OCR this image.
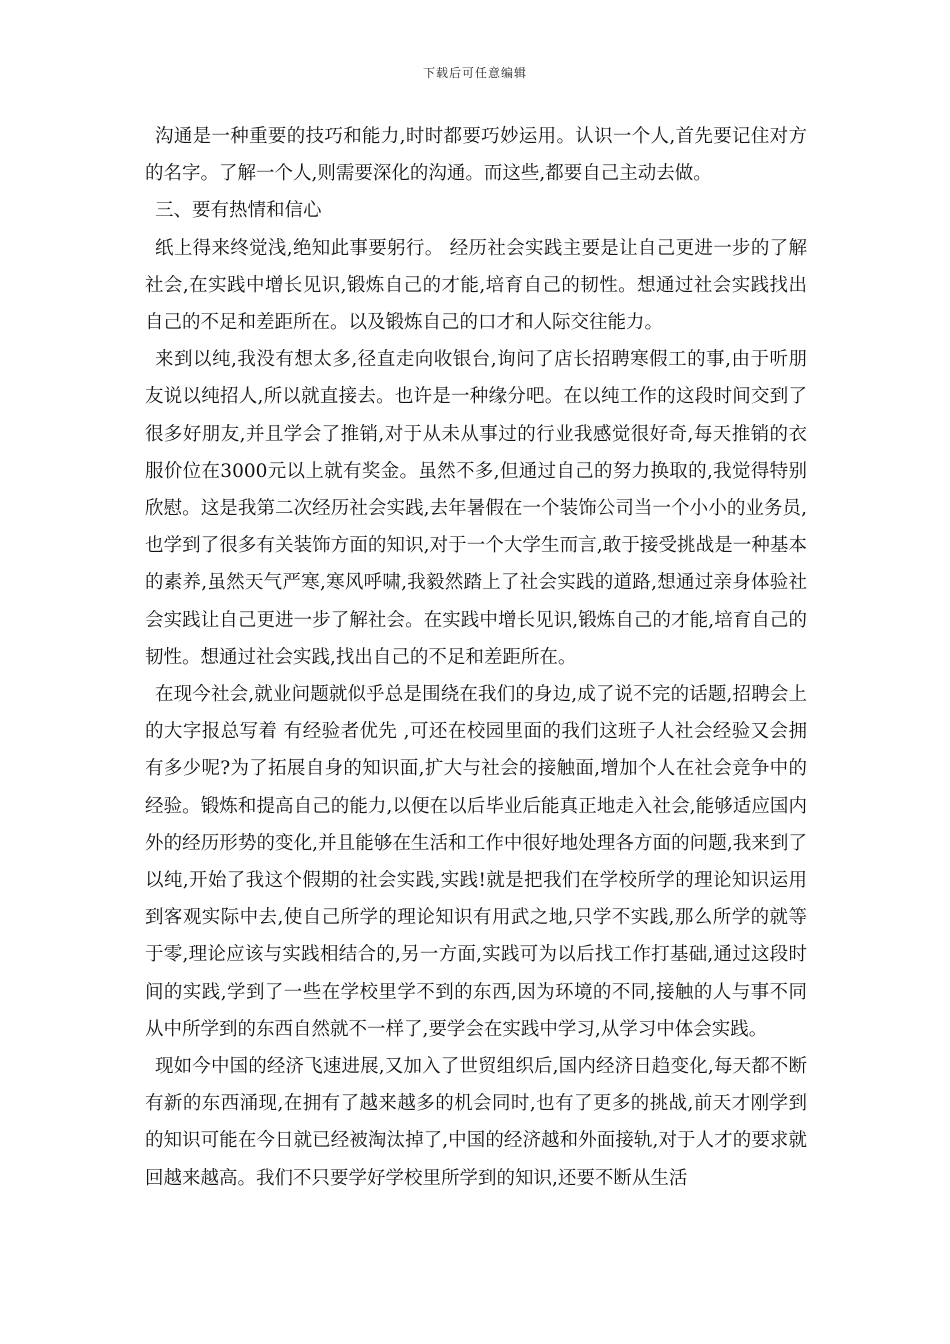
下载后可任意编辑

沟通是一种重要的技巧和能力,时时都要巧妙运用。认识一个人,首先要记住对方的名字。了解一个人,则需要深化的沟通。而这些,都要自己主动去做。

三、要有热情和信心

纸上得来终觉浅,绝知此事要躬行。 经历社会实践主要是让自己更进一步的了解社会,在实践中增长见识,锻炼自己的才能,培育自己的韧性。想通过社会实践找出自己的不足和差距所在。以及锻炼自己的口才和人际交往能力。

来到以纯,我没有想太多,径直走向收银台,询问了店长招聘寒假工的事,由于听朋友说以纯招人,所以就直接去。也许是一种缘分吧。在以纯工作的这段时间交到了很多好朋友,并且学会了推销,对于从未从事过的行业我感觉很好奇,每天推销的衣服价位在3000元以上就有奖金。虽然不多,但通过自己的努力换取的,我觉得特别欣慰。这是我第二次经历社会实践,去年暑假在一个装饰公司当一个小小的业务员,也学到了很多有关装饰方面的知识,对于一个大学生而言,敢于接受挑战是一种基本的素养,虽然天气严寒,寒风呼啸,我毅然踏上了社会实践的道路,想通过亲身体验社会实践让自己更进一步了解社会。在实践中增长见识,锻炼自己的才能,培育自己的韧性。想通过社会实践,找出自己的不足和差距所在。

在现今社会,就业问题就似乎总是围绕在我们的身边,成了说不完的话题,招聘会上的大字报总写着 有经验者优先 ,可还在校园里面的我们这班子人社会经验又会拥有多少呢?为了拓展自身的知识面,扩大与社会的接触面,增加个人在社会竞争中的经验。锻炼和提高自己的能力,以便在以后毕业后能真正地走入社会,能够适应国内外的经历形势的变化,并且能够在生活和工作中很好地处理各方面的问题,我来到了以纯,开始了我这个假期的社会实践,实践!就是把我们在学校所学的理论知识运用到客观实际中去,使自己所学的理论知识有用武之地,只学不实践,那么所学的就等于零,理论应该与实践相结合的,另一方面,实践可为以后找工作打基础,通过这段时间的实践,学到了一些在学校里学不到的东西,因为环境的不同,接触的人与事不同从中所学到的东西自然就不一样了,要学会在实践中学习,从学习中体会实践。

现如今中国的经济飞速进展,又加入了世贸组织后,国内经济日趋变化,每天都不断有新的东西涌现,在拥有了越来越多的机会同时,也有了更多的挑战,前天才刚学到的知识可能在今日就已经被淘汰掉了,中国的经济越和外面接轨,对于人才的要求就回越来越高。我们不只要学好学校里所学到的知识,还要不断从生活
